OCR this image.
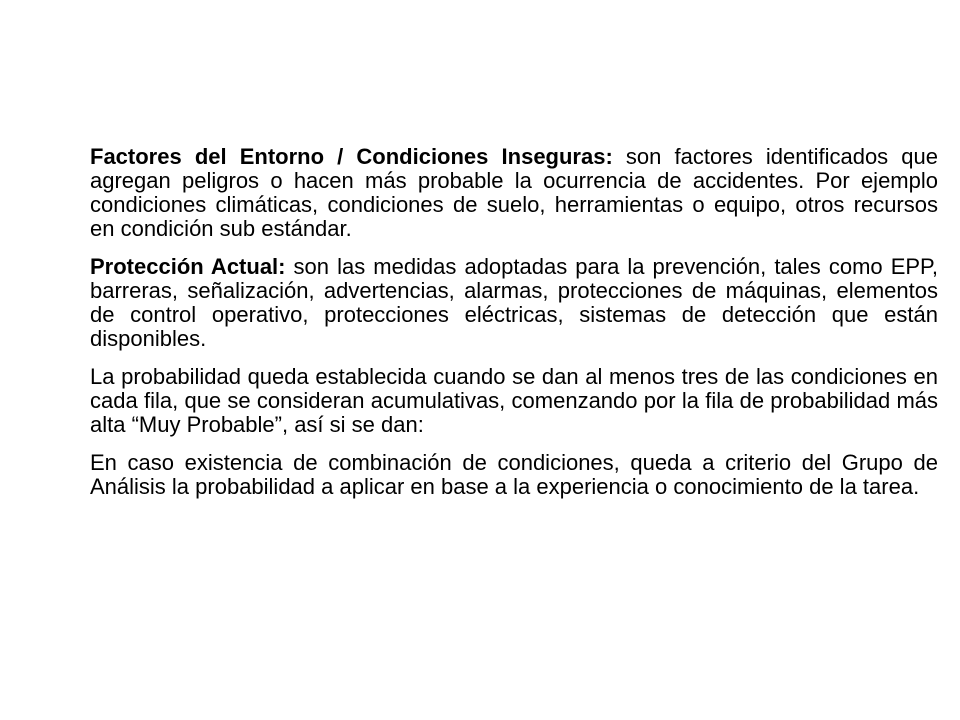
Factores del Entorno / Condiciones Inseguras: son factores identificados que agregan peligros o hacen más probable la ocurrencia de accidentes. Por ejemplo condiciones climáticas, condiciones de suelo, herramientas o equipo, otros recursos en condición sub estándar.

Protección Actual: son las medidas adoptadas para la prevención, tales como EPP, barreras, señalización, advertencias, alarmas, protecciones de máquinas, elementos de control operativo, protecciones eléctricas, sistemas de detección que están disponibles.

La probabilidad queda establecida cuando se dan al menos tres de las condiciones en cada fila, que se consideran acumulativas, comenzando por la fila de probabilidad más alta “Muy Probable”, así si se dan:

En caso existencia de combinación de condiciones, queda a criterio del Grupo de Análisis la probabilidad a aplicar en base a la experiencia o conocimiento de la tarea.
